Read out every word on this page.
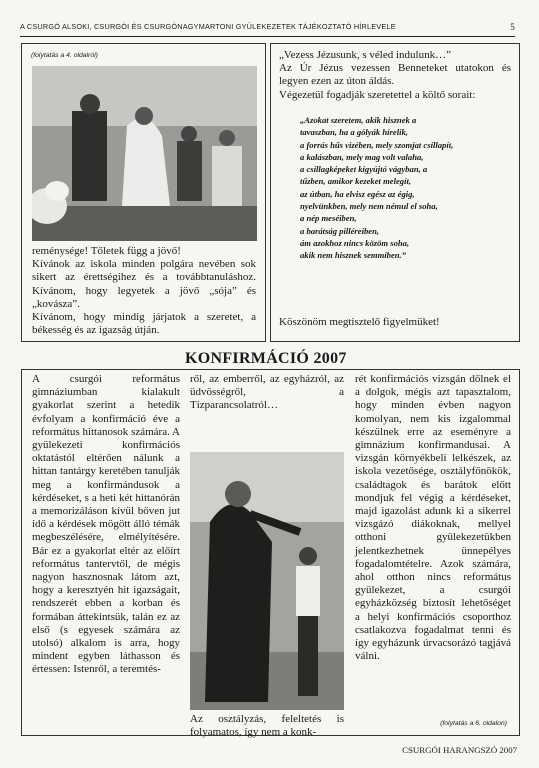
A CSURGÓ ALSOKI, CSURGÓI ÉS CSURGÓNAGYMARTONI GYÜLEKEZETEK TÁJÉKOZTATÓ HÍRLEVELE	5
(folytatás a 4. oldalról)

reménysége! Tőletek függ a jövő!

Kívánok az iskola minden polgára nevében sok sikert az érettségihez és a továbbtanuláshoz. Kívánom, hogy legyetek a jövő „sója” és „kovásza”.

Kívánom, hogy mindig járjatok a szeretet, a békesség és az igazság útján.

„Vezess Jézusunk, s véled indulunk…”

Az Úr Jézus vezessen Benneteket utatokon és legyen ezen az úton áldás.

Végezetül fogadják szeretettel a költő sorait:

„Azokat szeretem, akik hisznek a

tavaszban, ha a gólyák hírelik,

a forrás hűs vizében, mely szomjat csillapít,

a kalászban, mely mag volt valaha,

a csillagképeket kigyújtó vágyban, a

tűzben, amikor kezeket melegít,

az útban, ha elvisz egész az égig,

nyelvünkben, mely nem némul el soha,

a nép meséiben,

a barátság pilléreiben,

ám azokhoz nincs közöm soha,

akik nem hisznek semmiben.”

Köszönöm megtisztelő figyelmüket!
KONFIRMÁCIÓ 2007
A csurgói református gimnáziumban kialakult gyakorlat szerint a hetedik évfolyam a konfirmáció éve a református hittanosok számára. A gyülekezeti konfirmációs oktatástól eltérően nálunk a hittan tantárgy keretében tanulják meg a konfirmándusok a kérdéseket, s a heti két hittanórán a memorizáláson kívül bőven jut idő a kérdések mögött álló témák megbeszélésére, elmélyítésére. Bár ez a gyakorlat eltér az előírt református tantervtől, de mégis nagyon hasznosnak látom azt, hogy a keresztyén hit igazságait, rendszerét ebben a korban és formában áttekintsük, talán ez az első (s egyesek számára az utolsó) alkalom is arra, hogy mindent egyben láthasson és értessen: Istenről, a teremtés-
ről, az emberről, az egyházról, az üdvösségről, a Tízparancsolatról…
Az osztályzás, feleltetés is folyamatos, így nem a konk-
rét konfirmációs vizsgán dőlnek el a dolgok, mégis azt tapasztalom, hogy minden évben nagyon komolyan, nem kis izgalommal készülnek erre az eseményre a gimnázium konfirmandusai. A vizsgán környékbeli lelkészek, az iskola vezetősége, osztályfőnökök, családtagok és barátok előtt mondjuk fel végig a kérdéseket, majd igazolást adunk ki a sikerrel vizsgázó diákoknak, mellyel otthoni gyülekezetükben jelentkezhetnek ünnepélyes fogadalomtételre. Azok számára, ahol otthon nincs református gyülekezet, a csurgói egyházközség biztosít lehetőséget a helyi konfirmációs csoporthoz csatlakozva fogadalmat tenni és így egyházunk úrvacsorázó tagjává válni.
(folytatás a 6. oldalon)
CSURGÓI HARANGSZÓ 2007
